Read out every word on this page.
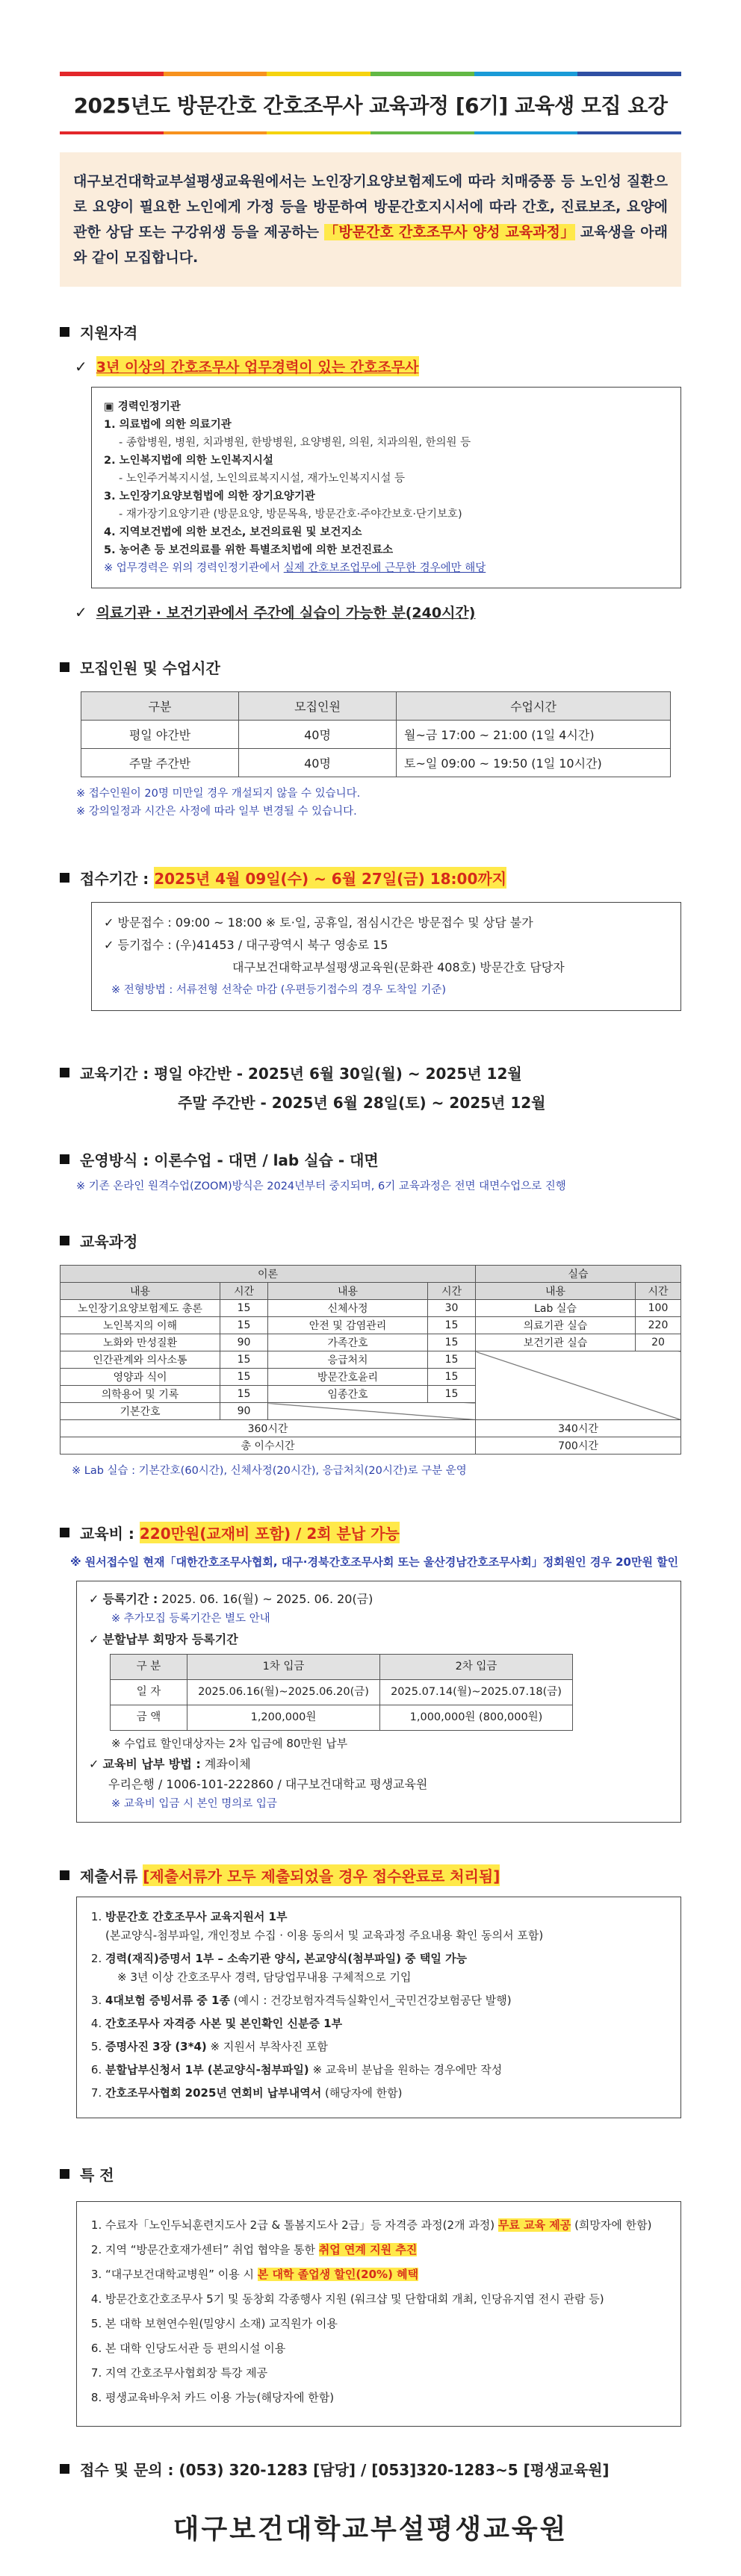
2025년도 방문간호 간호조무사 교육과정 [6기] 교육생 모집 요강
대구보건대학교부설평생교육원에서는 노인장기요양보험제도에 따라 치매중풍 등 노인성 질환으로 요양이 필요한 노인에게 가정 등을 방문하여 방문간호지시서에 따라 간호, 진료보조, 요양에 관한 상담 또는 구강위생 등을 제공하는 「방문간호 간호조무사 양성 교육과정」 교육생을 아래와 같이 모집합니다.
지원자격
✓ 3년 이상의 간호조무사 업무경력이 있는 간호조무사
▣ 경력인정기관
1. 의료법에 의한 의료기관
- 종합병원, 병원, 치과병원, 한방병원, 요양병원, 의원, 치과의원, 한의원 등
2. 노인복지법에 의한 노인복지시설
- 노인주거복지시설, 노인의료복지시설, 재가노인복지시설 등
3. 노인장기요양보험법에 의한 장기요양기관
- 재가장기요양기관 (방문요양, 방문목욕, 방문간호·주야간보호·단기보호)
4. 지역보건법에 의한 보건소, 보건의료원 및 보건지소
5. 농어촌 등 보건의료를 위한 특별조치법에 의한 보건진료소
※ 업무경력은 위의 경력인정기관에서 실제 간호보조업무에 근무한 경우에만 해당
✓ 의료기관 · 보건기관에서 주간에 실습이 가능한 분(240시간)
모집인원 및 수업시간
구분	모집인원	수업시간
평일 야간반	40명	월~금 17:00 ~ 21:00 (1일 4시간)
주말 주간반	40명	토~일 09:00 ~ 19:50 (1일 10시간)
※ 접수인원이 20명 미만일 경우 개설되지 않을 수 있습니다.
※ 강의일정과 시간은 사정에 따라 일부 변경될 수 있습니다.
접수기간 :
2025년 4월 09일(수) ~ 6월 27일(금) 18:00까지
✓ 방문접수 : 09:00 ~ 18:00 ※ 토·일, 공휴일, 점심시간은 방문접수 및 상담 불가
✓ 등기접수 : (우)41453 / 대구광역시 북구 영송로 15
대구보건대학교부설평생교육원(문화관 408호) 방문간호 담당자
※ 전형방법 : 서류전형 선착순 마감 (우편등기접수의 경우 도착일 기준)
교육기간 : 평일 야간반 - 2025년 6월 30일(월) ~ 2025년 12월
주말 주간반 - 2025년 6월 28일(토) ~ 2025년 12월
운영방식 : 이론수업 - 대면 / lab 실습 - 대면
※ 기존 온라인 원격수업(ZOOM)방식은 2024년부터 중지되며, 6기 교육과정은 전면 대면수업으로 진행
교육과정
이론				실습	
내용	시간	내용	시간	내용	시간
노인장기요양보험제도 총론	15	신체사정	30	Lab 실습	100
노인복지의 이해	15	안전 및 감염관리	15	의료기관 실습	220
노화와 만성질환	90	가족간호	15	보건기관 실습	20
인간관계와 의사소통	15	응급처치	15		
영양과 식이	15	방문간호윤리	15		
의학용어 및 기록	15	임종간호	15		
기본간호	90				
360시간				340시간	
총 이수시간				700시간	
※ Lab 실습 : 기본간호(60시간), 신체사정(20시간), 응급처치(20시간)로 구분 운영
교육비 :
220만원(교재비 포함) / 2회 분납 가능
※ 원서접수일 현재「대한간호조무사협회, 대구·경북간호조무사회 또는 울산경남간호조무사회」정회원인 경우 20만원 할인
✓ 등록기간 : 2025. 06. 16(월) ~ 2025. 06. 20(금)
※ 추가모집 등록기간은 별도 안내
✓ 분할납부 회망자 등록기간
구 분	1차 입금	2차 입금
일 자	2025.06.16(월)~2025.06.20(금)	2025.07.14(월)~2025.07.18(금)
금 액	1,200,000원	1,000,000원 (800,000원)
※ 수업료 할인대상자는 2차 입금에 80만원 납부
✓ 교육비 납부 방법 : 계좌이체
우리은행 / 1006-101-222860 / 대구보건대학교 평생교육원
※ 교육비 입금 시 본인 명의로 입금
제출서류
[제출서류가 모두 제출되었을 경우 접수완료로 처리됨]
1. 방문간호 간호조무사 교육지원서 1부
(본교양식-첨부파일, 개인정보 수집 · 이용 동의서 및 교육과정 주요내용 확인 동의서 포함)
2. 경력(재직)증명서 1부 – 소속기관 양식, 본교양식(첨부파일) 중 택일 가능
※ 3년 이상 간호조무사 경력, 담당업무내용 구체적으로 기입
3. 4대보험 증빙서류 중 1종 (예시 : 건강보험자격득실확인서_국민건강보험공단 발행)
4. 간호조무사 자격증 사본 및 본인확인 신분증 1부
5. 증명사진 3장 (3*4) ※ 지원서 부착사진 포함
6. 분할납부신청서 1부 (본교양식-첨부파일) ※ 교육비 분납을 원하는 경우에만 작성
7. 간호조무사협회 2025년 연회비 납부내역서 (해당자에 한함)
특 전
1. 수료자「노인두뇌훈련지도사 2급 & 톨봄지도사 2급」등 자격증 과정(2개 과정) 무료 교육 제공 (희망자에 한함)
2. 지역 “방문간호재가센터” 취업 협약을 통한 취업 연계 지원 추진
3. “대구보건대학교병원” 이용 시 본 대학 졸업생 할인(20%) 혜택
4. 방문간호간호조무사 5기 및 동창회 각종행사 지원 (워크샵 및 단합대회 개최, 인당유지엽 전시 관람 등)
5. 본 대학 보현연수원(밀양시 소재) 교직원가 이용
6. 본 대학 인당도서관 등 편의시설 이용
7. 지역 간호조무사협회장 특강 제공
8. 평생교육바우처 카드 이용 가능(해당자에 한함)
접수 및 문의 : (053) 320-1283 [담당] / [053]320-1283~5 [평생교육원]
대구보건대학교부설평생교육원
